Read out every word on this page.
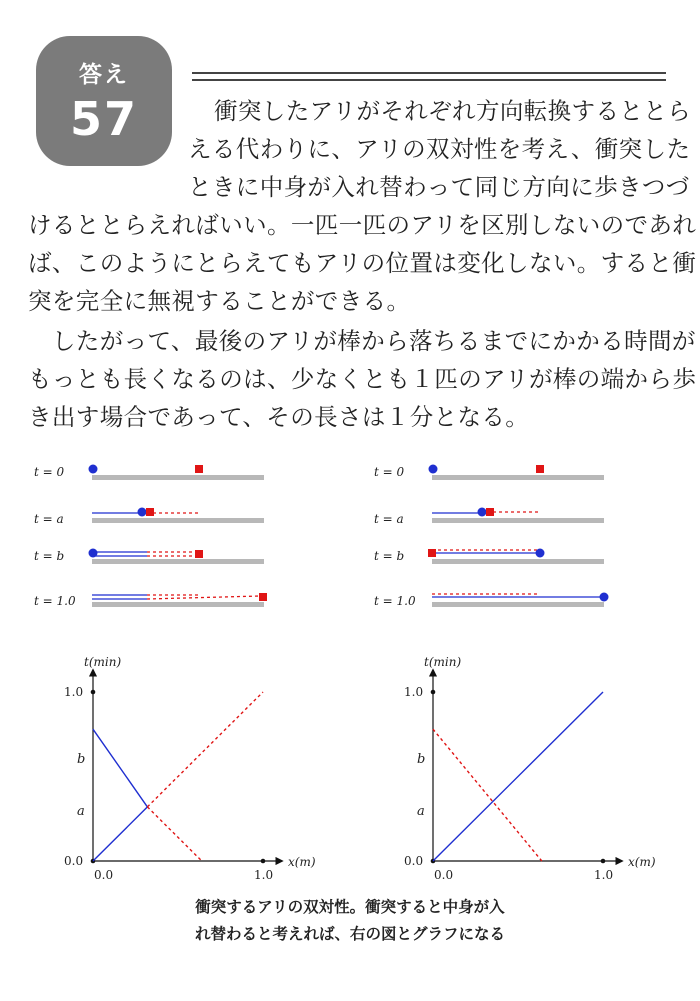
答え
57	衝突したアリがそれぞれ方向転換するととら
える代わりに、アリの双対性を考え、衝突した
ときに中身が入れ替わって同じ方向に歩きつづ
けるととらえればいい。一匹一匹のアリを区別しないのであれ
ば、このようにとらえてもアリの位置は変化しない。すると衝
突を完全に無視することができる。
　したがって、最後のアリが棒から落ちるまでにかかる時間が
もっとも長くなるのは、少なくとも１匹のアリが棒の端から歩
き出す場合であって、その長さは１分となる。
t = 0
t = a
t = b
t = 1.0
t = 0
t = a
t = b
t = 1.0
t(min)
x(m)
1.0
b
a
0.0
0.0	1.0
t(min)
x(m)
1.0
b
a
0.0
0.0	1.0
衝突するアリの双対性。衝突すると中身が入
れ替わると考えれば、右の図とグラフになる
